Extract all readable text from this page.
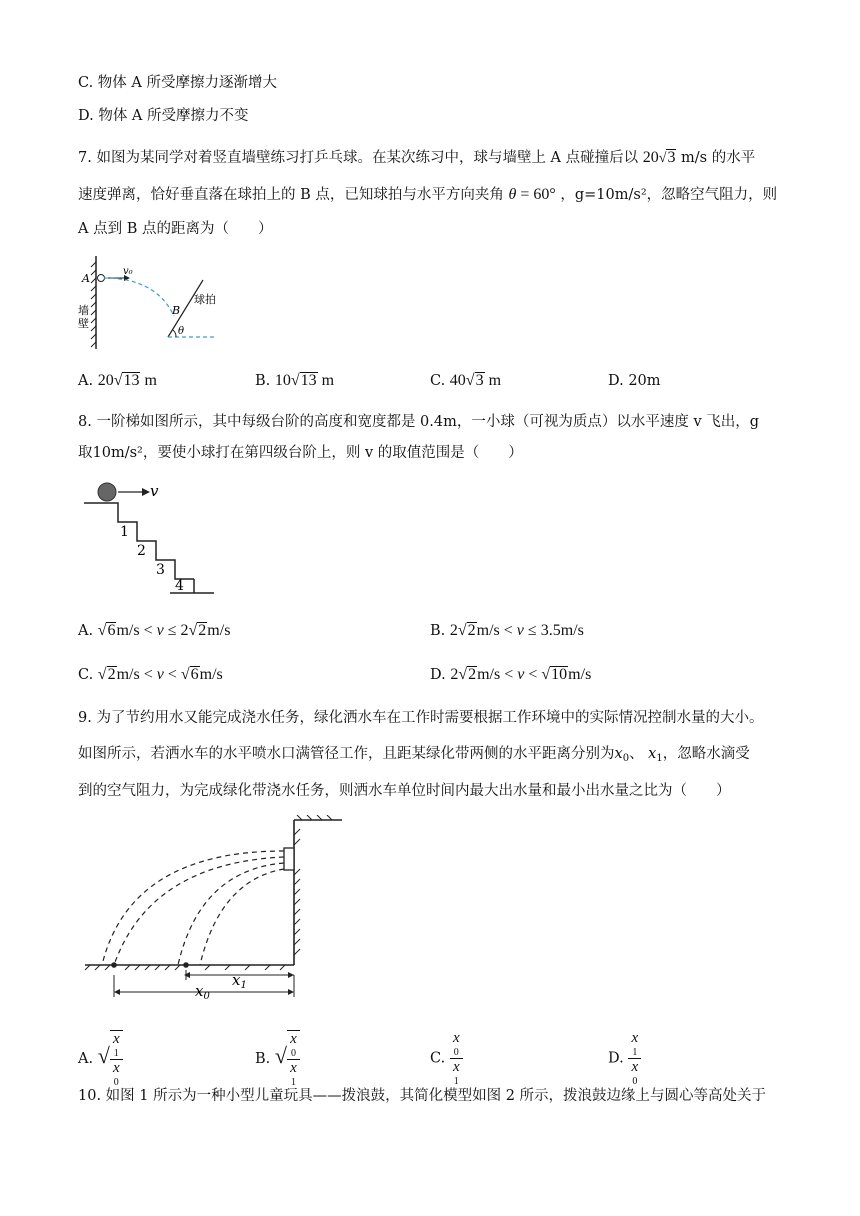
C. 物体 A 所受摩擦力逐渐增大
D. 物体 A 所受摩擦力不变
7. 如图为某同学对着竖直墙壁练习打乒乓球。在某次练习中，球与墙壁上 A 点碰撞后以 20√3 m/s 的水平
速度弹离，恰好垂直落在球拍上的 B 点，已知球拍与水平方向夹角 θ = 60° ，g=10m/s²，忽略空气阻力，则
A 点到 B 点的距离为（　　）
A
v₀
B
球拍
θ
墙
壁
A. 20√13 m	B. 10√13 m	C. 40√3 m	D. 20m
8. 一阶梯如图所示，其中每级台阶的高度和宽度都是 0.4m，一小球（可视为质点）以水平速度 v 飞出，g
取10m/s²，要使小球打在第四级台阶上，则 v 的取值范围是（　　）
v
1
2
3
4
A. √6m/s < v ≤ 2√2m/s	B. 2√2m/s < v ≤ 3.5m/s
C. √2m/s < v < √6m/s	D. 2√2m/s < v < √10m/s
9. 为了节约用水又能完成浇水任务，绿化洒水车在工作时需要根据工作环境中的实际情况控制水量的大小。
如图所示，若洒水车的水平喷水口满管径工作，且距某绿化带两侧的水平距离分别为$x_0$、 $x_1$，忽略水滴受
到的空气阻力，为完成绿化带浇水任务，则洒水车单位时间内最大出水量和最小出水量之比为（　　）
$x_1$
$x_0$
A. √ x
1
x
0	B. √ x
0
x
1	C. x
0
x
1	D. x
1
x
0
10. 如图 1 所示为一种小型儿童玩具——拨浪鼓，其简化模型如图 2 所示，拨浪鼓边缘上与圆心等高处关于
